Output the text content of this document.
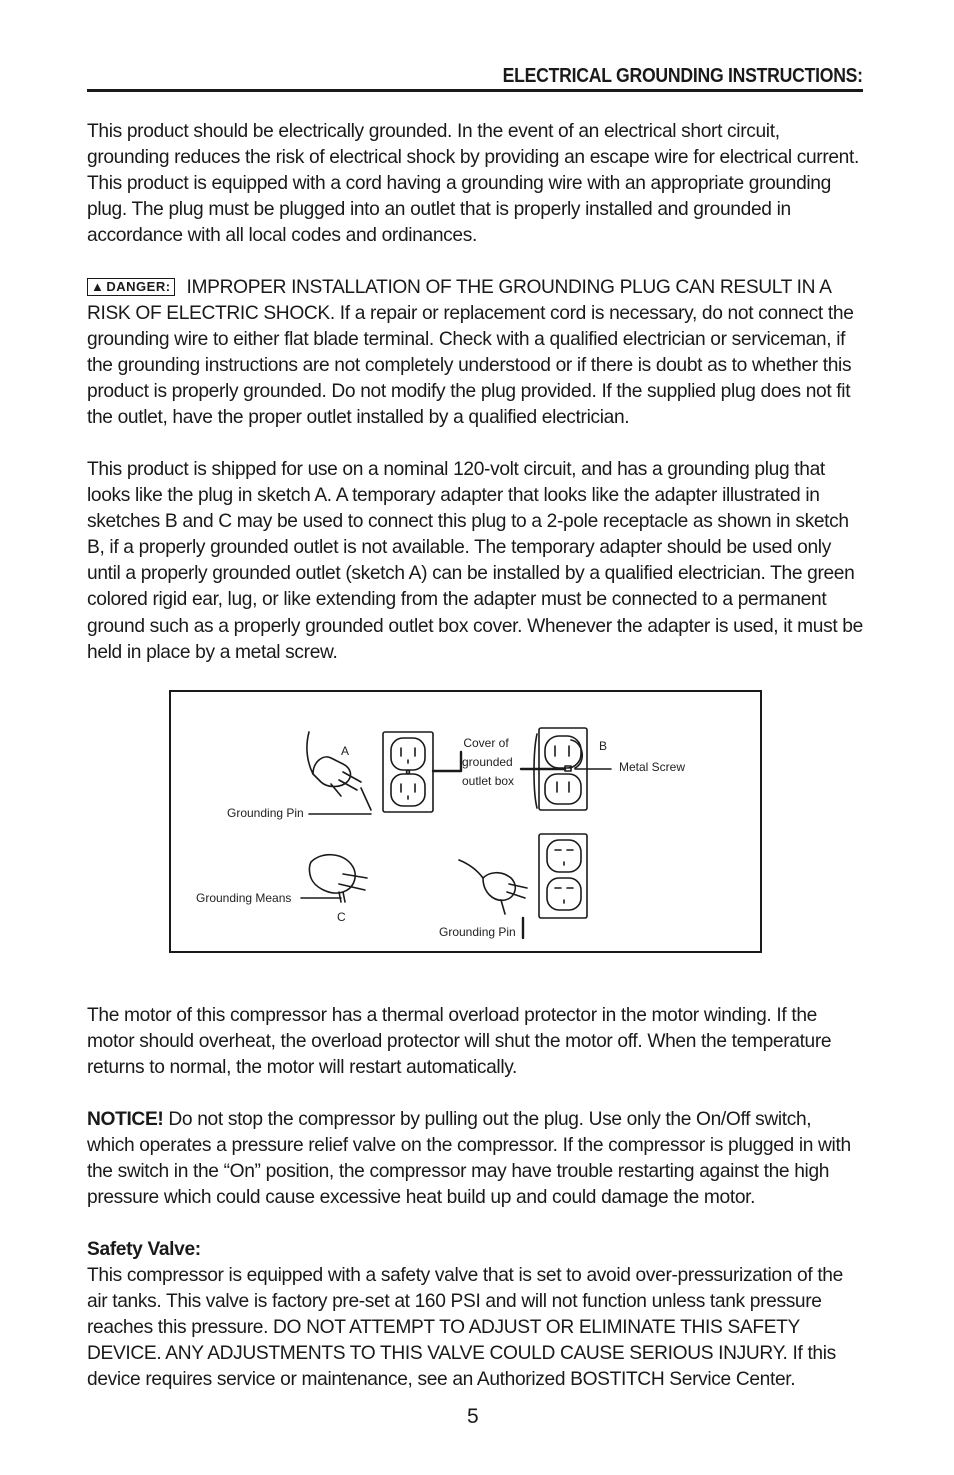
ELECTRICAL GROUNDING INSTRUCTIONS:

This product should be electrically grounded. In the event of an electrical short circuit, grounding reduces the risk of electrical shock by providing an escape wire for electrical current. This product is equipped with a cord having a grounding wire with an appropriate grounding plug. The plug must be plugged into an outlet that is properly installed and grounded in accordance with all local codes and ordinances.

▲ DANGER: IMPROPER INSTALLATION OF THE GROUNDING PLUG CAN RESULT IN A RISK OF ELECTRIC SHOCK. If a repair or replacement cord is necessary, do not connect the grounding wire to either flat blade terminal. Check with a qualified electrician or serviceman, if the grounding instructions are not completely understood or if there is doubt as to whether this product is properly grounded. Do not modify the plug provided. If the supplied plug does not fit the outlet, have the proper outlet installed by a qualified electrician.

This product is shipped for use on a nominal 120-volt circuit, and has a grounding plug that looks like the plug in sketch A. A temporary adapter that looks like the adapter illustrated in sketches B and C may be used to connect this plug to a 2-pole receptacle as shown in sketch B, if a properly grounded outlet is not available. The temporary adapter should be used only until a properly grounded outlet (sketch A) can be installed by a qualified electrician. The green colored rigid ear, lug, or like extending from the adapter must be connected to a permanent ground such as a properly grounded outlet box cover. Whenever the adapter is used, it must be held in place by a metal screw.

The motor of this compressor has a thermal overload protector in the motor winding. If the motor should overheat, the overload protector will shut the motor off. When the temperature returns to normal, the motor will restart automatically.

NOTICE! Do not stop the compressor by pulling out the plug. Use only the On/Off switch, which operates a pressure relief valve on the compressor. If the compressor is plugged in with the switch in the “On” position, the compressor may have trouble restarting against the high pressure which could cause excessive heat build up and could damage the motor.

Safety Valve:
This compressor is equipped with a safety valve that is set to avoid over-pressurization of the air tanks. This valve is factory pre-set at 160 PSI and will not function unless tank pressure reaches this pressure. DO NOT ATTEMPT TO ADJUST OR ELIMINATE THIS SAFETY DEVICE. ANY ADJUSTMENTS TO THIS VALVE COULD CAUSE SERIOUS INJURY. If this device requires service or maintenance, see an Authorized BOSTITCH Service Center.

A
Cover of
grounded
outlet box
B
Metal Screw
Grounding Pin
Grounding Means
C
Grounding Pin
5
